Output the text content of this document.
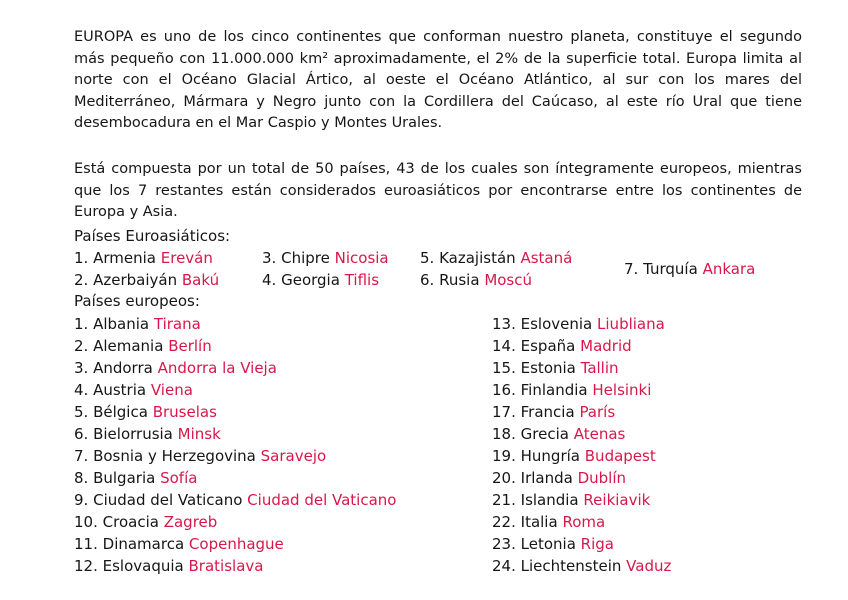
EUROPA es uno de los cinco continentes que conforman nuestro planeta, constituye el segundo más pequeño con 11.000.000 km² aproximadamente, el 2% de la superficie total. Europa limita al norte con el Océano Glacial Ártico, al oeste el Océano Atlántico, al sur con los mares del Mediterráneo, Mármara y Negro junto con la Cordillera del Caúcaso, al este río Ural que tiene desembocadura en el Mar Caspio y Montes Urales.

Está compuesta por un total de 50 países, 43 de los cuales son íntegramente europeos, mientras que los 7 restantes están considerados euroasiáticos por encontrarse entre los continentes de Europa y Asia.

Países Euroasiáticos:

1. Armenia Ereván
2. Azerbaiyán Bakú
3. Chipre Nicosia
4. Georgia Tiflis
5. Kazajistán Astaná
6. Rusia Moscú
7. Turquía Ankara

Países europeos:

1. Albania Tirana
2. Alemania Berlín
3. Andorra Andorra la Vieja
4. Austria Viena
5. Bélgica Bruselas
6. Bielorrusia Minsk
7. Bosnia y Herzegovina Saravejo
8. Bulgaria Sofía
9. Ciudad del Vaticano Ciudad del Vaticano
10. Croacia Zagreb
11. Dinamarca Copenhague
12. Eslovaquia Bratislava
13. Eslovenia Liubliana
14. España Madrid
15. Estonia Tallin
16. Finlandia Helsinki
17. Francia París
18. Grecia Atenas
19. Hungría Budapest
20. Irlanda Dublín
21. Islandia Reikiavik
22. Italia Roma
23. Letonia Riga
24. Liechtenstein Vaduz
